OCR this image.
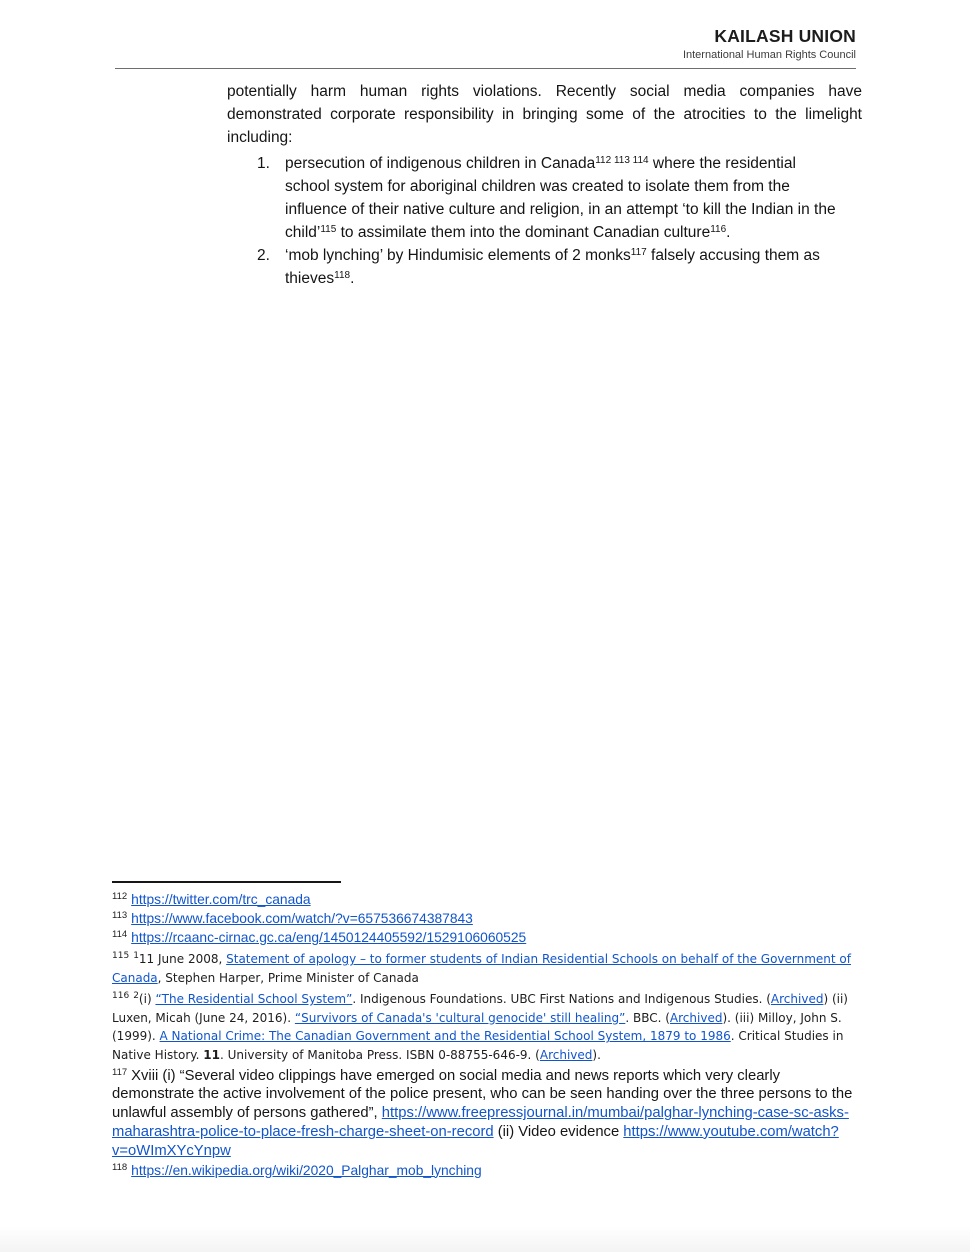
KAILASH UNION
International Human Rights Council
potentially harm human rights violations. Recently social media companies have demonstrated corporate responsibility in bringing some of the atrocities to the limelight including:
1. persecution of indigenous children in Canada$^{112 113 114}$ where the residential school system for aboriginal children was created to isolate them from the influence of their native culture and religion, in an attempt ‘to kill the Indian in the child’$^{115}$ to assimilate them into the dominant Canadian culture$^{116}$.
2. ‘mob lynching’ by Hindumisic elements of 2 monks$^{117}$ falsely accusing them as thieves$^{118}$.
$^{112}$ https://twitter.com/trc_canada
$^{113}$ https://www.facebook.com/watch/?v=657536674387843
$^{114}$ https://rcaanc-cirnac.gc.ca/eng/1450124405592/1529106060525
$^{115}$ $^1$11 June 2008, Statement of apology – to former students of Indian Residential Schools on behalf of the Government of Canada, Stephen Harper, Prime Minister of Canada
$^{116}$ $^2$(i) “The Residential School System”. Indigenous Foundations. UBC First Nations and Indigenous Studies. (Archived) (ii) Luxen, Micah (June 24, 2016). “Survivors of Canada's 'cultural genocide' still healing”. BBC. (Archived). (iii) Milloy, John S. (1999). A National Crime: The Canadian Government and the Residential School System, 1879 to 1986. Critical Studies in Native History. 11. University of Manitoba Press. ISBN 0-88755-646-9. (Archived).
$^{117}$ Xviii (i) “Several video clippings have emerged on social media and news reports which very clearly demonstrate the active involvement of the police present, who can be seen handing over the three persons to the unlawful assembly of persons gathered”, https://www.freepressjournal.in/mumbai/palghar-lynching-case-sc-asks-maharashtra-police-to-place-fresh-charge-sheet-on-record (ii) Video evidence https://www.youtube.com/watch?v=oWImXYcYnpw
$^{118}$ https://en.wikipedia.org/wiki/2020_Palghar_mob_lynching
